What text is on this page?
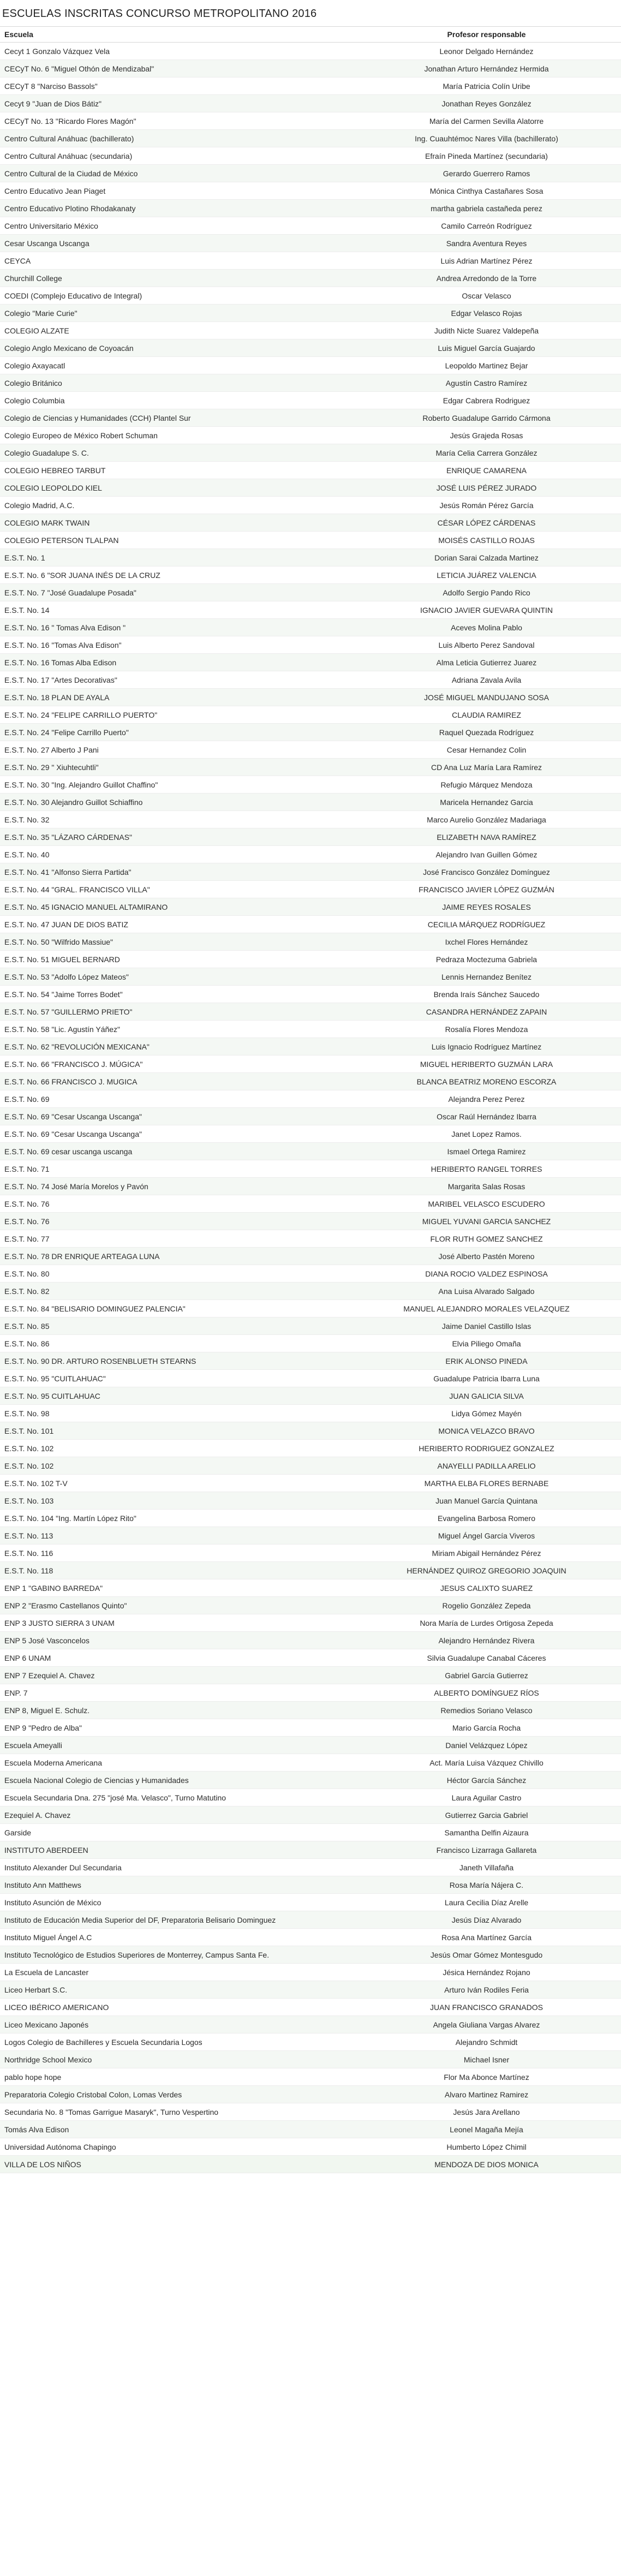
ESCUELAS INSCRITAS CONCURSO METROPOLITANO 2016
Escuela	Profesor responsable
Cecyt 1 Gonzalo Vázquez Vela	Leonor Delgado Hernández
CECyT No. 6 "Miguel Othón de Mendizabal"	Jonathan Arturo Hernández Hermida
CECyT 8 "Narciso Bassols"	María Patricia Colín Uribe
Cecyt 9 "Juan de Dios Bátiz"	Jonathan Reyes González
CECyT No. 13 "Ricardo Flores Magón"	María del Carmen Sevilla Alatorre
Centro Cultural Anáhuac (bachillerato)	Ing. Cuauhtémoc Nares Villa (bachillerato)
Centro Cultural Anáhuac (secundaria)	Efraín Pineda Martínez (secundaria)
Centro Cultural de la Ciudad de México	Gerardo Guerrero Ramos
Centro Educativo Jean Piaget	Mónica Cinthya Castañares Sosa
Centro Educativo Plotino Rhodakanaty	martha gabriela castañeda perez
Centro Universitario México	Camilo Carreón Rodríguez
Cesar Uscanga Uscanga	Sandra Aventura Reyes
CEYCA	Luis Adrian Martínez Pérez
Churchill College	Andrea Arredondo de la Torre
COEDI (Complejo Educativo de Integral)	Oscar Velasco
Colegio "Marie Curie"	Edgar Velasco Rojas
COLEGIO ALZATE	Judith Nicte Suarez Valdepeña
Colegio Anglo Mexicano de Coyoacán	Luis Miguel García Guajardo
Colegio Axayacatl	Leopoldo Martinez Bejar
Colegio Británico	Agustín Castro Ramírez
Colegio Columbia	Edgar Cabrera Rodriguez
Colegio de Ciencias y Humanidades (CCH) Plantel Sur	Roberto Guadalupe Garrido Cármona
Colegio Europeo de México Robert Schuman	Jesús Grajeda Rosas
Colegio Guadalupe S. C.	María Celia Carrera González
COLEGIO HEBREO TARBUT	ENRIQUE CAMARENA
COLEGIO LEOPOLDO KIEL	JOSÉ LUIS PÉREZ JURADO
Colegio Madrid, A.C.	Jesús Román Pérez García
COLEGIO MARK TWAIN	CÉSAR LÓPEZ CÁRDENAS
COLEGIO PETERSON TLALPAN	MOISÉS CASTILLO ROJAS
E.S.T. No. 1	Dorian Sarai Calzada Martinez
E.S.T. No. 6 "SOR JUANA INÉS DE LA CRUZ	LETICIA JUÁREZ VALENCIA
E.S.T. No. 7 "José Guadalupe Posada"	Adolfo Sergio Pando Rico
E.S.T. No. 14	IGNACIO JAVIER GUEVARA QUINTIN
E.S.T. No. 16 " Tomas Alva Edison "	Aceves Molina Pablo
E.S.T. No. 16 "Tomas Alva Edison"	Luis Alberto Perez Sandoval
E.S.T. No. 16 Tomas Alba Edison	Alma Leticia Gutierrez Juarez
E.S.T. No. 17 "Artes Decorativas"	Adriana Zavala Avila
E.S.T. No. 18 PLAN DE AYALA	JOSÉ MIGUEL MANDUJANO SOSA
E.S.T. No. 24 "FELIPE CARRILLO PUERTO"	CLAUDIA RAMIREZ
E.S.T. No. 24 "Felipe Carrillo Puerto"	Raquel Quezada Rodríguez
E.S.T. No. 27 Alberto J Pani	Cesar Hernandez Colin
E.S.T. No. 29 " Xiuhtecuhtli"	CD Ana Luz María Lara Ramírez
E.S.T. No. 30 "Ing. Alejandro Guillot Chaffino"	Refugio Márquez Mendoza
E.S.T. No. 30 Alejandro Guillot Schiaffino	Maricela Hernandez Garcia
E.S.T. No. 32	Marco Aurelio González Madariaga
E.S.T. No. 35 "LÁZARO CÁRDENAS"	ELIZABETH NAVA RAMÍREZ
E.S.T. No. 40	Alejandro Ivan Guillen Gómez
E.S.T. No. 41 "Alfonso Sierra Partida"	José Francisco González Domínguez
E.S.T. No. 44 "GRAL. FRANCISCO VILLA"	FRANCISCO JAVIER LÓPEZ GUZMÁN
E.S.T. No. 45 IGNACIO MANUEL ALTAMIRANO	JAIME REYES ROSALES
E.S.T. No. 47 JUAN DE DIOS BATIZ	CECILIA MÁRQUEZ RODRÍGUEZ
E.S.T. No. 50 "Wilfrido Massiue"	Ixchel Flores Hernández
E.S.T. No. 51 MIGUEL BERNARD	Pedraza Moctezuma Gabriela
E.S.T. No. 53 "Adolfo López Mateos"	Lennis Hernandez Benítez
E.S.T. No. 54 "Jaime Torres Bodet"	Brenda Iraís Sánchez Saucedo
E.S.T. No. 57 "GUILLERMO PRIETO"	CASANDRA HERNÁNDEZ ZAPAIN
E.S.T. No. 58 "Lic. Agustín Yáñez"	Rosalía Flores Mendoza
E.S.T. No. 62 "REVOLUCIÓN MEXICANA"	Luis Ignacio Rodríguez Martínez
E.S.T. No. 66 "FRANCISCO J. MÚGICA"	MIGUEL HERIBERTO GUZMÁN LARA
E.S.T. No. 66 FRANCISCO J. MUGICA	BLANCA BEATRIZ MORENO ESCORZA
E.S.T. No. 69	Alejandra Perez Perez
E.S.T. No. 69 "Cesar Uscanga Uscanga"	Oscar Raúl Hernández Ibarra
E.S.T. No. 69 "Cesar Uscanga Uscanga"	Janet Lopez Ramos.
E.S.T. No. 69 cesar uscanga uscanga	Ismael Ortega Ramirez
E.S.T. No. 71	HERIBERTO RANGEL TORRES
E.S.T. No. 74 José María Morelos y Pavón	Margarita Salas Rosas
E.S.T. No. 76	MARIBEL VELASCO ESCUDERO
E.S.T. No. 76	MIGUEL YUVANI GARCIA SANCHEZ
E.S.T. No. 77	FLOR RUTH GOMEZ SANCHEZ
E.S.T. No. 78 DR ENRIQUE ARTEAGA LUNA	José Alberto Pastén Moreno
E.S.T. No. 80	DIANA ROCIO VALDEZ ESPINOSA
E.S.T. No. 82	Ana Luisa Alvarado Salgado
E.S.T. No. 84 "BELISARIO DOMINGUEZ PALENCIA"	MANUEL ALEJANDRO MORALES VELAZQUEZ
E.S.T. No. 85	Jaime Daniel Castillo Islas
E.S.T. No. 86	Elvia Piliego Omaña
E.S.T. No. 90 DR. ARTURO ROSENBLUETH STEARNS	ERIK ALONSO PINEDA
E.S.T. No. 95 "CUITLAHUAC"	Guadalupe Patricia Ibarra Luna
E.S.T. No. 95 CUITLAHUAC	JUAN GALICIA SILVA
E.S.T. No. 98	Lidya Gómez Mayén
E.S.T. No. 101	MONICA VELAZCO BRAVO
E.S.T. No. 102	HERIBERTO RODRIGUEZ GONZALEZ
E.S.T. No. 102	ANAYELLI PADILLA ARELIO
E.S.T. No. 102 T-V	MARTHA ELBA FLORES BERNABE
E.S.T. No. 103	Juan Manuel García Quintana
E.S.T. No. 104 "Ing. Martín López Rito"	Evangelina Barbosa Romero
E.S.T. No. 113	Miguel Ángel García Viveros
E.S.T. No. 116	Miriam Abigail Hernández Pérez
E.S.T. No. 118	HERNÁNDEZ QUIROZ GREGORIO JOAQUIN
ENP 1 "GABINO BARREDA"	JESUS CALIXTO SUAREZ
ENP 2 "Erasmo Castellanos Quinto"	Rogelio González Zepeda
ENP 3 JUSTO SIERRA 3 UNAM	Nora María de Lurdes Ortigosa Zepeda
ENP 5 José Vasconcelos	Alejandro Hernández Rivera
ENP 6 UNAM	Silvia Guadalupe Canabal Cáceres
ENP 7 Ezequiel A. Chavez	Gabriel García Gutierrez
ENP. 7	ALBERTO DOMÍNGUEZ RÍOS
ENP 8, Miguel E. Schulz.	Remedios Soriano Velasco
ENP 9 "Pedro de Alba"	Mario García Rocha
Escuela Ameyalli	Daniel Velázquez López
Escuela Moderna Americana	Act. María Luisa Vázquez Chivillo
Escuela Nacional Colegio de Ciencias y Humanidades	Héctor García Sánchez
Escuela Secundaria Dna. 275 "josé Ma. Velasco", Turno Matutino	Laura Aguilar Castro
Ezequiel A. Chavez	Gutierrez Garcia Gabriel
Garside	Samantha Delfin Aizaura
INSTITUTO ABERDEEN	Francisco Lizarraga Gallareta
Instituto Alexander Dul Secundaria	Janeth Villafaña
Instituto Ann Matthews	Rosa María Nájera C.
Instituto Asunción de México	Laura Cecilia Díaz Arelle
Instituto de Educación Media Superior del DF, Preparatoria Belisario Dominguez	Jesús Díaz Alvarado
Instituto Miguel Ángel A.C	Rosa Ana Martínez García
Instituto Tecnológico de Estudios Superiores de Monterrey, Campus Santa Fe.	Jesús Omar Gómez Montesgudo
La Escuela de Lancaster	Jésica Hernández Rojano
Liceo Herbart S.C.	Arturo Iván Rodiles Feria
LICEO IBÉRICO AMERICANO	JUAN FRANCISCO GRANADOS
Liceo Mexicano Japonés	Angela Giuliana Vargas Alvarez
Logos Colegio de Bachilleres y Escuela Secundaria Logos	Alejandro Schmidt
Northridge School Mexico	Michael Isner
pablo hope hope	Flor Ma Abonce Martínez
Preparatoria Colegio Cristobal Colon, Lomas Verdes	Alvaro Martinez Ramirez
Secundaria No. 8 "Tomas Garrigue Masaryk", Turno Vespertino	Jesús Jara Arellano
Tomás Alva Edison	Leonel Magaña Mejía
Universidad Autónoma Chapingo	Humberto López Chimil
VILLA DE LOS NIÑOS	MENDOZA DE DIOS MONICA
